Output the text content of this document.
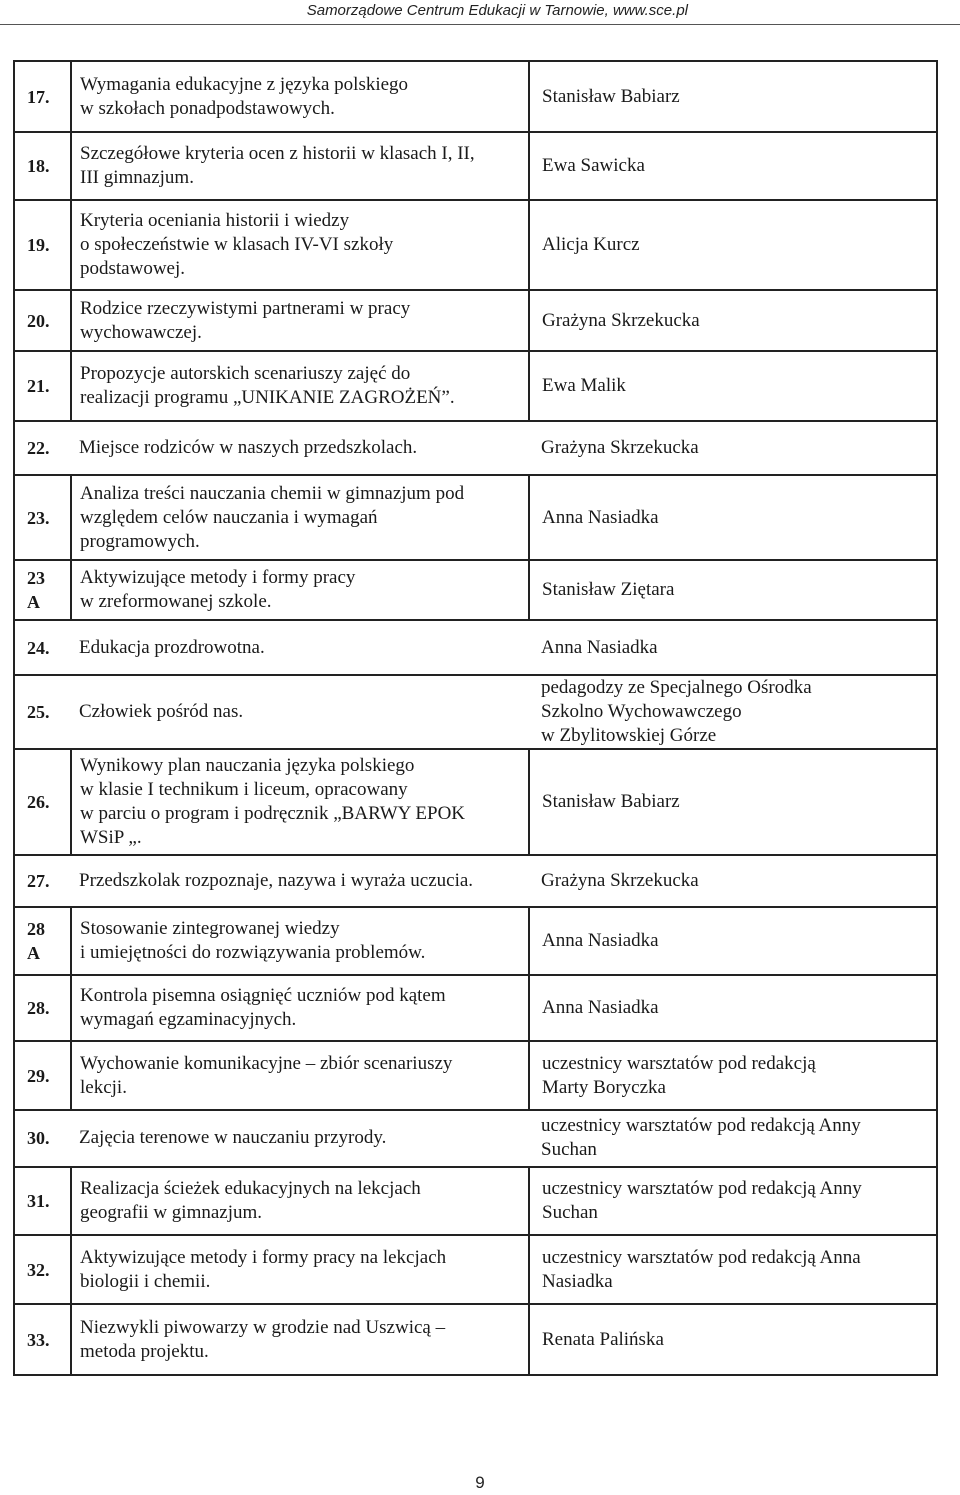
Samorządowe Centrum Edukacji w Tarnowie, www.sce.pl
17.	Wymagania edukacyjne z języka polskiego
w szkołach ponadpodstawowych.	Stanisław Babiarz

18.	Szczegółowe kryteria ocen z historii w klasach I, II,
III gimnazjum.	Ewa Sawicka

19.	Kryteria oceniania historii i wiedzy
o społeczeństwie w klasach IV-VI szkoły
podstawowej.	Alicja Kurcz

20.	Rodzice rzeczywistymi partnerami w pracy
wychowawczej.	Grażyna Skrzekucka

21.	Propozycje autorskich scenariuszy zajęć do
realizacji programu „UNIKANIE ZAGROŻEŃ”.	Ewa Malik

22.	Miejsce rodziców w naszych przedszkolach.	Grażyna Skrzekucka

23.	Analiza treści nauczania chemii w gimnazjum pod
względem celów nauczania i wymagań
programowych.	Anna Nasiadka

23
A	Aktywizujące metody i formy pracy
w zreformowanej szkole.	Stanisław Ziętara

24.	Edukacja prozdrowotna.	Anna Nasiadka

25.	Człowiek pośród nas.	pedagodzy ze Specjalnego Ośrodka
Szkolno Wychowawczego
w Zbylitowskiej Górze

26.	Wynikowy plan nauczania języka polskiego
w klasie I technikum i liceum, opracowany
w parciu o program i podręcznik „BARWY EPOK
WSiP „.	Stanisław Babiarz

27.	Przedszkolak rozpoznaje, nazywa i wyraża uczucia.	Grażyna Skrzekucka

28
A	Stosowanie zintegrowanej wiedzy
i umiejętności do rozwiązywania problemów.	Anna Nasiadka

28.	Kontrola pisemna osiągnięć uczniów pod kątem
wymagań egzaminacyjnych.	Anna Nasiadka

29.	Wychowanie komunikacyjne – zbiór scenariuszy
lekcji.	uczestnicy warsztatów pod redakcją
Marty Boryczka

30.	Zajęcia terenowe w nauczaniu przyrody.	uczestnicy warsztatów pod redakcją Anny
Suchan

31.	Realizacja ścieżek edukacyjnych na lekcjach
geografii w gimnazjum.	uczestnicy warsztatów pod redakcją Anny
Suchan

32.	Aktywizujące metody i formy pracy na lekcjach
biologii i chemii.	uczestnicy warsztatów pod redakcją Anna
Nasiadka

33.	Niezwykli piwowarzy w grodzie nad Uszwicą –
metoda projektu.	Renata Palińska
9
